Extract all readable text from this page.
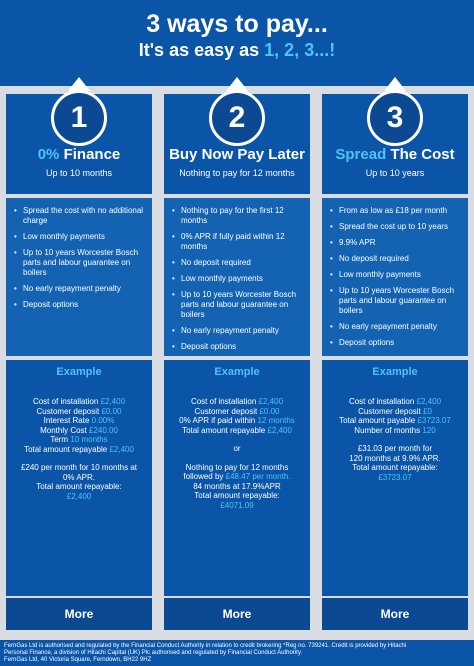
3 ways to pay...
It's as easy as 1, 2, 3...!
1
0% Finance
Up to 10 months
• Spread the cost with no additional charge
• Low monthly payments
• Up to 10 years Worcester Bosch parts and labour guarantee on boilers
• No early repayment penalty
• Deposit options
Example
Cost of installation £2,400
Customer deposit £0.00
Interest Rate 0.00%
Monthly Cost £240.00
Term 10 months
Total amount repayable £2,400
£240 per month for 10 months at
0% APR.
Total amount repayable:
£2,400
More
2
Buy Now Pay Later
Nothing to pay for 12 months
• Nothing to pay for the first 12 months
• 0% APR if fully paid within 12 months
• No deposit required
• Low monthly payments
• Up to 10 years Worcester Bosch parts and labour guarantee on boilers
• No early repayment penalty
• Deposit options
Example
Cost of installation £2,400
Customer deposit £0.00
0% APR if paid within 12 months
Total amount repayable £2,400
or
Nothing to pay for 12 months
followed by £48.47 per month.
84 months at 17.9%APR
Total amount repayable:
£4071.09
More
3
Spread The Cost
Up to 10 years
• From as low as £18 per month
• Spread the cost up to 10 years
• 9.9% APR
• No deposit required
• Low monthly payments
• Up to 10 years Worcester Bosch parts and labour guarantee on boilers
• No early repayment penalty
• Deposit options
Example
Cost of installation £2,400
Customer deposit £0
Total amount payable £3723.07
Number of months 120
£31.03 per month for
120 months at 9.9% APR.
Total amount repayable:
£3723.07
More

FernGas Ltd is authorised and regulated by the Financial Conduct Authority in relation to credit brokering *Reg no. 739241. Credit is provided by Hitachi

Personal Finance, a division of Hitachi Capital (UK) Plc authorised and regulated by Financial Conduct Authority.

FernGas Ltd, 40 Victoria Square, Ferndown, BH22 9HZ
